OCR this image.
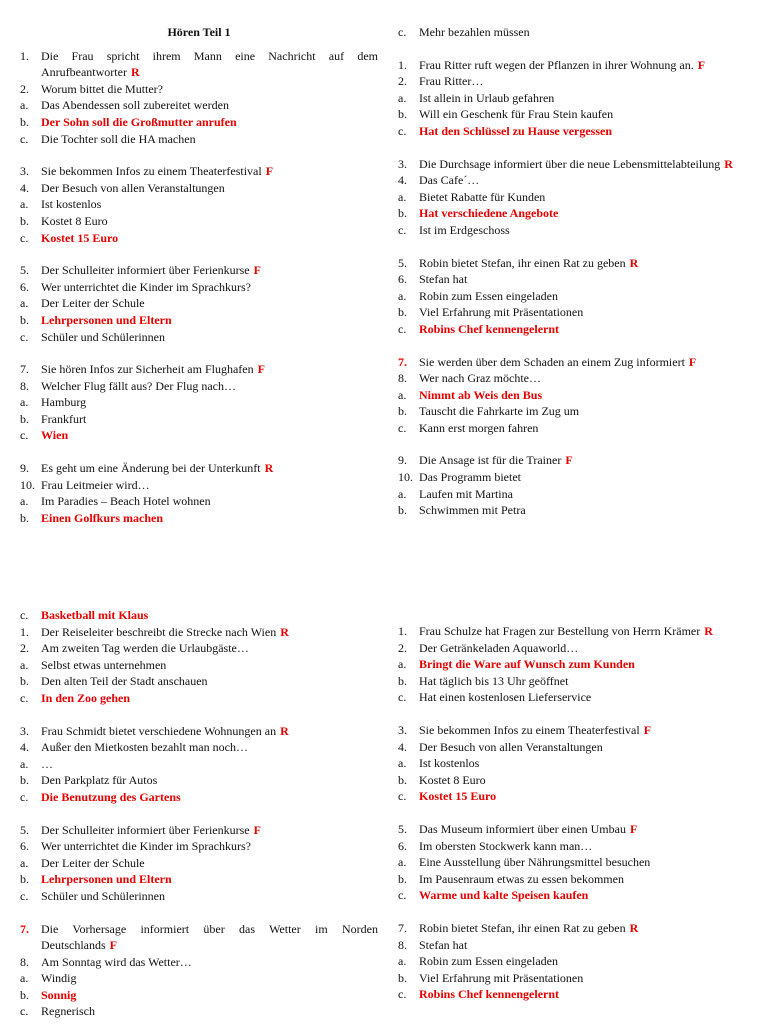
Hören Teil 1
1.	Die Frau spricht ihrem Mann eine Nachricht auf dem
Anrufbeantworter R
2.	Worum bittet die Mutter?
a.	Das Abendessen soll zubereitet werden
b.	Der Sohn soll die Großmutter anrufen
c.	Die Tochter soll die HA machen
3.	Sie bekommen Infos zu einem Theaterfestival F
4.	Der Besuch von allen Veranstaltungen
a.	Ist kostenlos
b.	Kostet 8 Euro
c.	Kostet 15 Euro
5.	Der Schulleiter informiert über Ferienkurse F
6.	Wer unterrichtet die Kinder im Sprachkurs?
a.	Der Leiter der Schule
b.	Lehrpersonen und Eltern
c.	Schüler und Schülerinnen
7.	Sie hören Infos zur Sicherheit am Flughafen F
8.	Welcher Flug fällt aus? Der Flug nach…
a.	Hamburg
b.	Frankfurt
c.	Wien
9.	Es geht um eine Änderung bei der Unterkunft R
10. Frau Leitmeier wird…
a.	Im Paradies – Beach Hotel wohnen
b.	Einen Golfkurs machen
c.	Mehr bezahlen müssen
1.	Frau Ritter ruft wegen der Pflanzen in ihrer Wohnung an. F
2.	Frau Ritter…
a.	Ist allein in Urlaub gefahren
b.	Will ein Geschenk für Frau Stein kaufen
c.	Hat den Schlüssel zu Hause vergessen
3.	Die Durchsage informiert über die neue Lebensmittelabteilung R
4.	Das Cafe´…
a.	Bietet Rabatte für Kunden
b.	Hat verschiedene Angebote
c.	Ist im Erdgeschoss
5.	Robin bietet Stefan, ihr einen Rat zu geben R
6.	Stefan hat
a.	Robin zum Essen eingeladen
b.	Viel Erfahrung mit Präsentationen
c.	Robins Chef kennengelernt
7.	Sie werden über dem Schaden an einem Zug informiert F
8.	Wer nach Graz möchte…
a.	Nimmt ab Weis den Bus
b.	Tauscht die Fahrkarte im Zug um
c.	Kann erst morgen fahren
9.	Die Ansage ist für die Trainer F
10. Das Programm bietet
a.	Laufen mit Martina
b.	Schwimmen mit Petra
c.	Basketball mit Klaus
1.	Der Reiseleiter beschreibt die Strecke nach Wien R
2.	Am zweiten Tag werden die Urlaubgäste…
a.	Selbst etwas unternehmen
b.	Den alten Teil der Stadt anschauen
c.	In den Zoo gehen
3.	Frau Schmidt bietet verschiedene Wohnungen an R
4.	Außer den Mietkosten bezahlt man noch…
a.	…
b.	Den Parkplatz für Autos
c.	Die Benutzung des Gartens
5.	Der Schulleiter informiert über Ferienkurse F
6.	Wer unterrichtet die Kinder im Sprachkurs?
a.	Der Leiter der Schule
b.	Lehrpersonen und Eltern
c.	Schüler und Schülerinnen
7.	Die Vorhersage informiert über das Wetter im Norden
Deutschlands F
8.	Am Sonntag wird das Wetter…
a.	Windig
b.	Sonnig
c.	Regnerisch
1.	Frau Schulze hat Fragen zur Bestellung von Herrn Krämer R
2.	Der Getränkeladen Aquaworld…
a.	Bringt die Ware auf Wunsch zum Kunden
b.	Hat täglich bis 13 Uhr geöffnet
c.	Hat einen kostenlosen Lieferservice
3.	Sie bekommen Infos zu einem Theaterfestival F
4.	Der Besuch von allen Veranstaltungen
a.	Ist kostenlos
b.	Kostet 8 Euro
c.	Kostet 15 Euro
5.	Das Museum informiert über einen Umbau F
6.	Im obersten Stockwerk kann man…
a.	Eine Ausstellung über Nährungsmittel besuchen
b.	Im Pausenraum etwas zu essen bekommen
c.	Warme und kalte Speisen kaufen
7.	Robin bietet Stefan, ihr einen Rat zu geben R
8.	Stefan hat
a.	Robin zum Essen eingeladen
b.	Viel Erfahrung mit Präsentationen
c.	Robins Chef kennengelernt
